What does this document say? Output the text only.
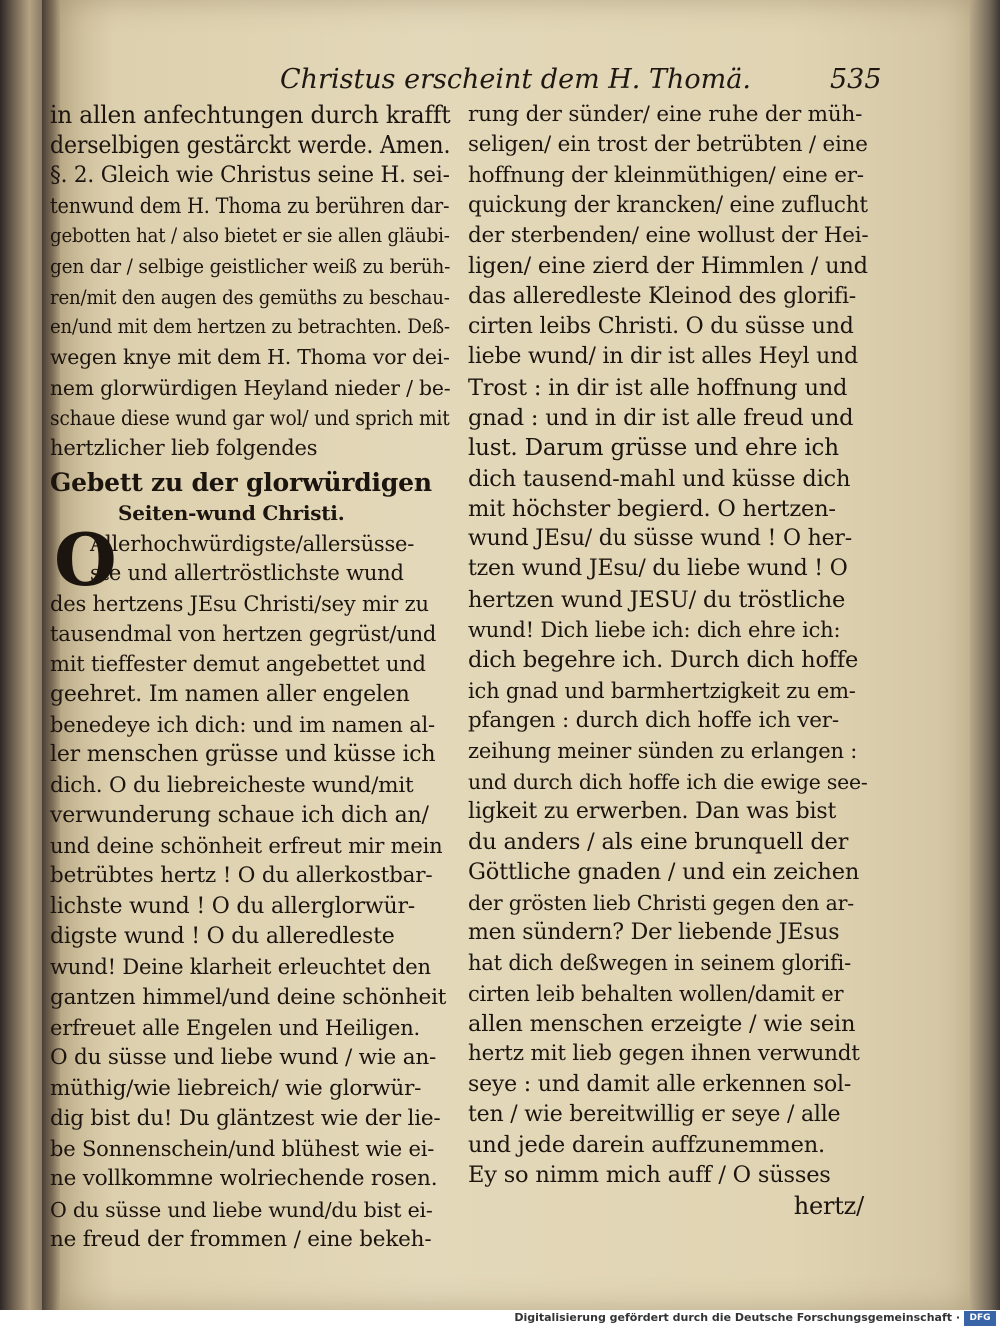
Christus erscheint dem H. Thomä.	535
in allen anfechtungen durch krafft
derselbigen gestärckt werde. Amen.
§. 2. Gleich wie Christus seine H. sei-
tenwund dem H. Thoma zu berühren dar-
gebotten hat / also bietet er sie allen gläubi-
gen dar / selbige geistlicher weiß zu berüh-
ren/mit den augen des gemüths zu beschau-
en/und mit dem hertzen zu betrachten. Deß-
wegen knye mit dem H. Thoma vor dei-
nem glorwürdigen Heyland nieder / be-
schaue diese wund gar wol/ und sprich mit
hertzlicher lieb folgendes
Gebett zu der glorwürdigen
Seiten-wund Christi.
O
Allerhochwürdigste/allersüsse-
ste und allertröstlichste wund
des hertzens JEsu Christi/sey mir zu
tausendmal von hertzen gegrüst/und
mit tieffester demut angebettet und
geehret. Im namen aller engelen
benedeye ich dich: und im namen al-
ler menschen grüsse und küsse ich
dich. O du liebreicheste wund/mit
verwunderung schaue ich dich an/
und deine schönheit erfreut mir mein
betrübtes hertz ! O du allerkostbar-
lichste wund ! O du allerglorwür-
digste wund ! O du alleredleste
wund! Deine klarheit erleuchtet den
gantzen himmel/und deine schönheit
erfreuet alle Engelen und Heiligen.
O du süsse und liebe wund / wie an-
müthig/wie liebreich/ wie glorwür-
dig bist du! Du gläntzest wie der lie-
be Sonnenschein/und blühest wie ei-
ne vollkommne wolriechende rosen.
O du süsse und liebe wund/du bist ei-
ne freud der frommen / eine bekeh-
rung der sünder/ eine ruhe der müh-
seligen/ ein trost der betrübten / eine
hoffnung der kleinmüthigen/ eine er-
quickung der krancken/ eine zuflucht
der sterbenden/ eine wollust der Hei-
ligen/ eine zierd der Himmlen / und
das alleredleste Kleinod des glorifi-
cirten leibs Christi. O du süsse und
liebe wund/ in dir ist alles Heyl und
Trost : in dir ist alle hoffnung und
gnad : und in dir ist alle freud und
lust. Darum grüsse und ehre ich
dich tausend-mahl und küsse dich
mit höchster begierd. O hertzen-
wund JEsu/ du süsse wund ! O her-
tzen wund JEsu/ du liebe wund ! O
hertzen wund JESU/ du tröstliche
wund! Dich liebe ich: dich ehre ich:
dich begehre ich. Durch dich hoffe
ich gnad und barmhertzigkeit zu em-
pfangen : durch dich hoffe ich ver-
zeihung meiner sünden zu erlangen :
und durch dich hoffe ich die ewige see-
ligkeit zu erwerben. Dan was bist
du anders / als eine brunquell der
Göttliche gnaden / und ein zeichen
der grösten lieb Christi gegen den ar-
men sündern? Der liebende JEsus
hat dich deßwegen in seinem glorifi-
cirten leib behalten wollen/damit er
allen menschen erzeigte / wie sein
hertz mit lieb gegen ihnen verwundt
seye : und damit alle erkennen sol-
ten / wie bereitwillig er seye / alle
und jede darein auffzunemmen.
Ey so nimm mich auff / O süsses
hertz/
Digitalisierung gefördert durch die Deutsche Forschungsgemeinschaft ·	DFG
